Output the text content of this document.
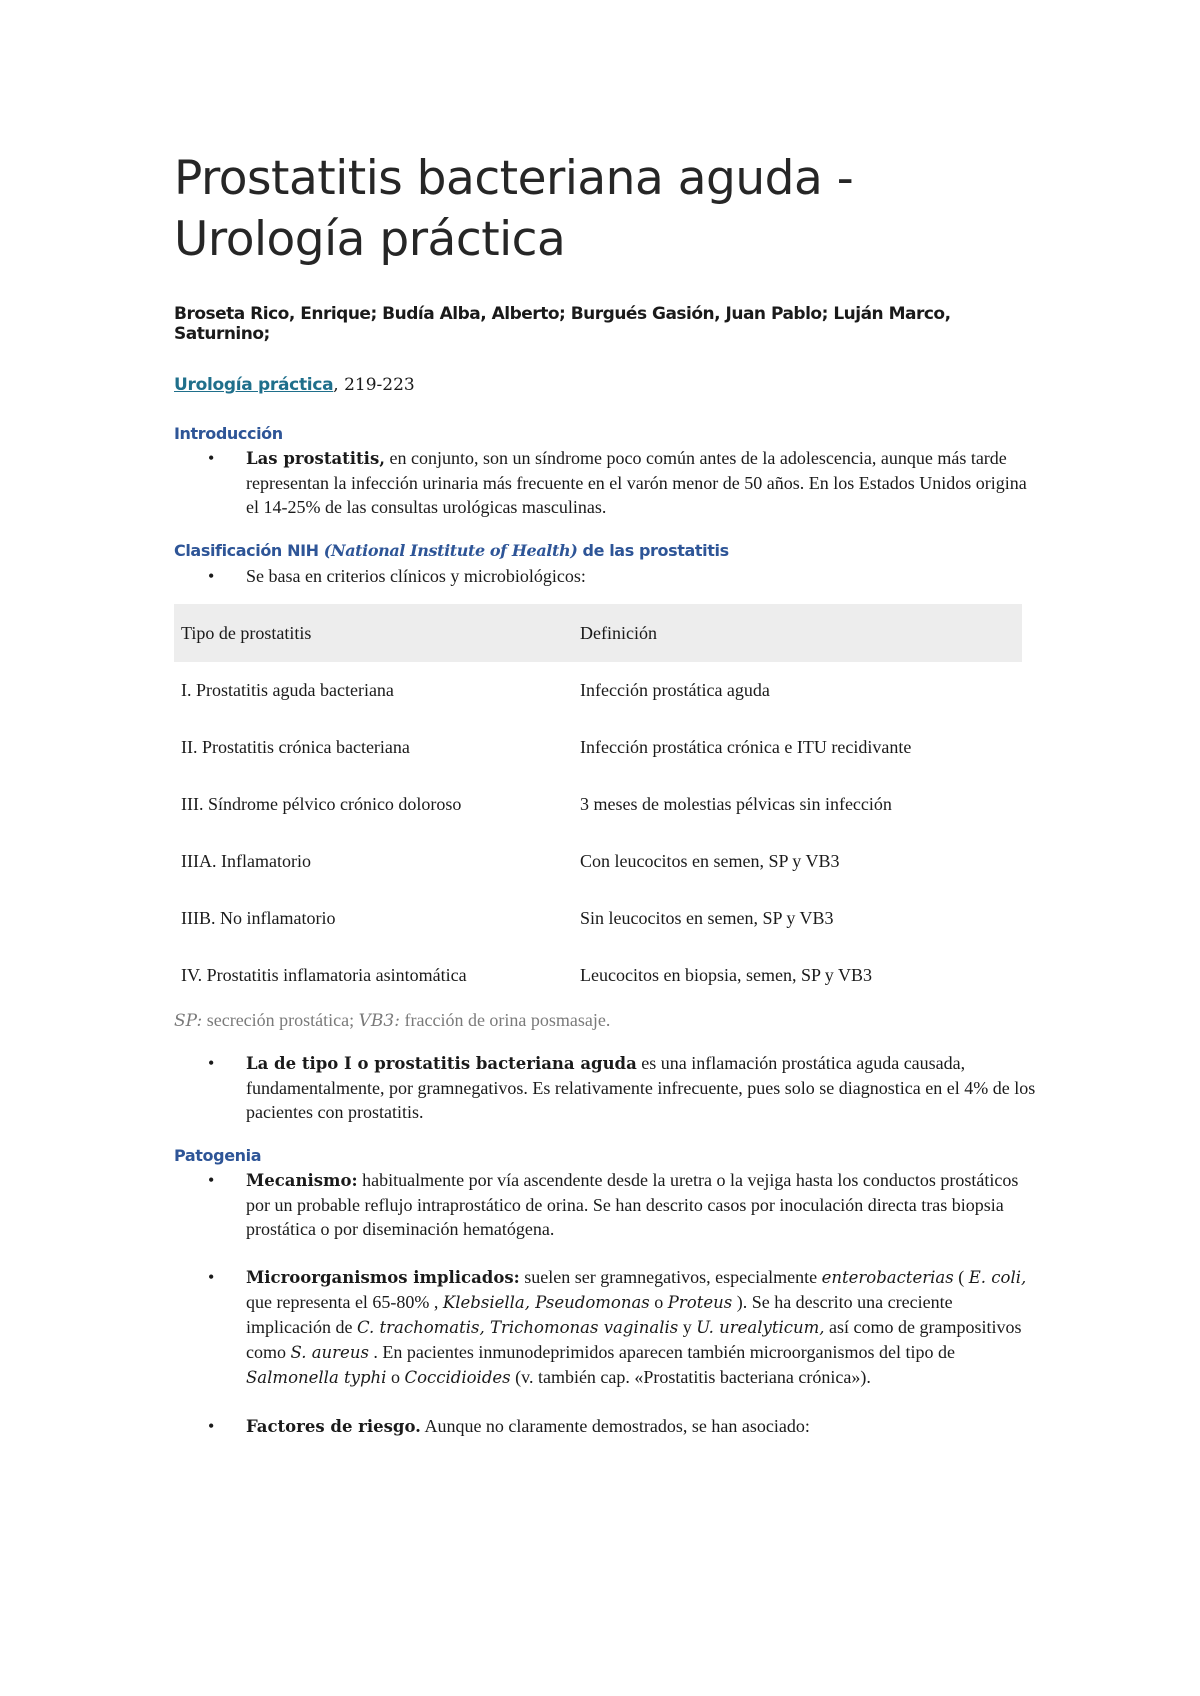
Prostatitis bacteriana aguda -
Urología práctica
Broseta Rico, Enrique; Budía Alba, Alberto; Burgués Gasión, Juan Pablo; Luján Marco, Saturnino;
Urología práctica, 219-223
Introducción
• Las prostatitis, en conjunto, son un síndrome poco común antes de la adolescencia, aunque más tarde representan la infección urinaria más frecuente en el varón menor de 50 años. En los Estados Unidos origina el 14-25% de las consultas urológicas masculinas.
Clasificación NIH (National Institute of Health) de las prostatitis
• Se basa en criterios clínicos y microbiológicos:
Tipo de prostatitis	Definición
I. Prostatitis aguda bacteriana	Infección prostática aguda
II. Prostatitis crónica bacteriana	Infección prostática crónica e ITU recidivante
III. Síndrome pélvico crónico doloroso	3 meses de molestias pélvicas sin infección
IIIA. Inflamatorio	Con leucocitos en semen, SP y VB3
IIIB. No inflamatorio	Sin leucocitos en semen, SP y VB3
IV. Prostatitis inflamatoria asintomática	Leucocitos en biopsia, semen, SP y VB3
SP: secreción prostática; VB3: fracción de orina posmasaje.
• La de tipo I o prostatitis bacteriana aguda es una inflamación prostática aguda causada, fundamentalmente, por gramnegativos. Es relativamente infrecuente, pues solo se diagnostica en el 4% de los pacientes con prostatitis.
Patogenia
• Mecanismo: habitualmente por vía ascendente desde la uretra o la vejiga hasta los conductos prostáticos por un probable reflujo intraprostático de orina. Se han descrito casos por inoculación directa tras biopsia prostática o por diseminación hematógena.
• Microorganismos implicados: suelen ser gramnegativos, especialmente enterobacterias ( E. coli, que representa el 65-80% , Klebsiella, Pseudomonas o Proteus ). Se ha descrito una creciente implicación de C. trachomatis, Trichomonas vaginalis y U. urealyticum, así como de grampositivos como S. aureus . En pacientes inmunodeprimidos aparecen también microorganismos del tipo de Salmonella typhi o Coccidioides (v. también cap. «Prostatitis bacteriana crónica»).
• Factores de riesgo. Aunque no claramente demostrados, se han asociado:
